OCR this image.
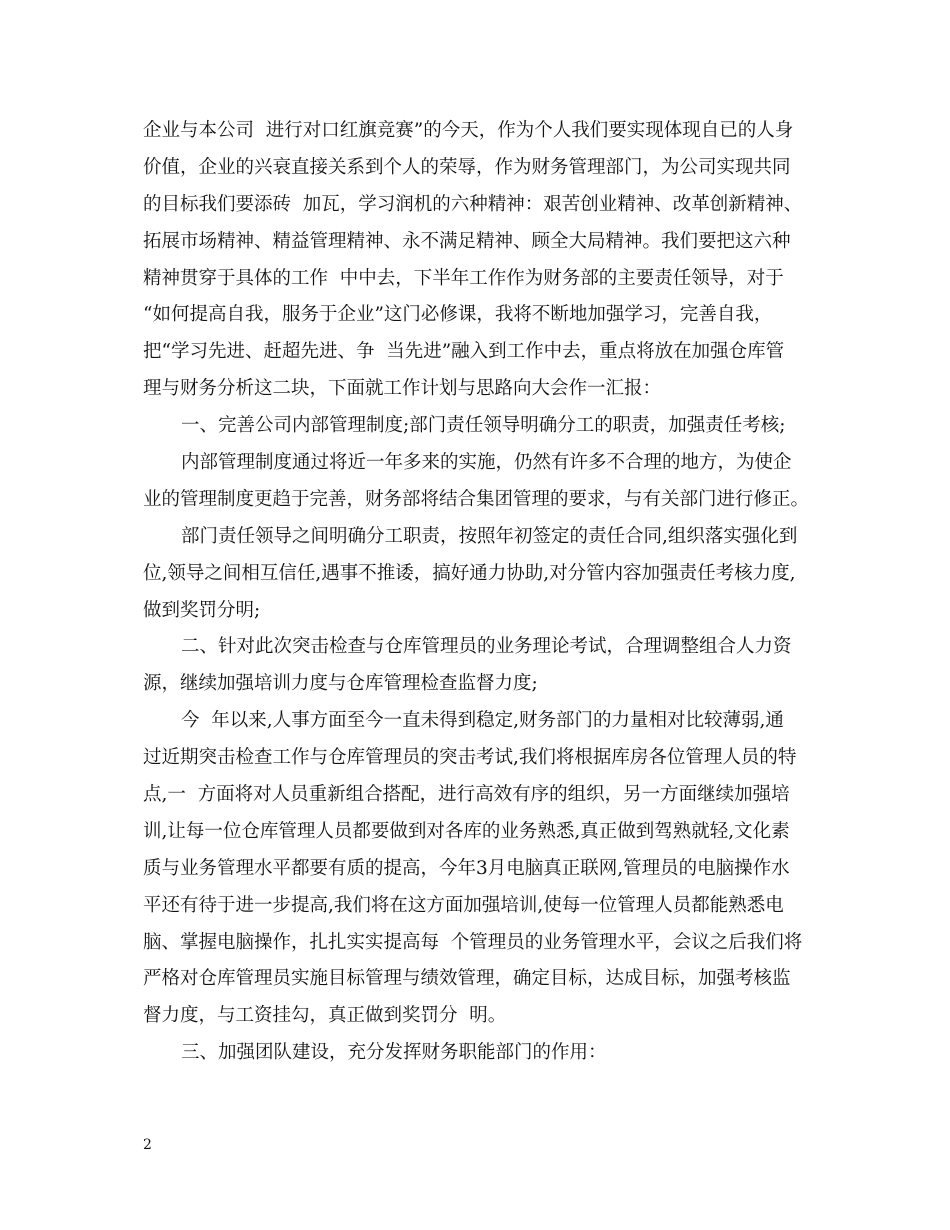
企业与本公司  进行对口红旗竞赛”的今天，作为个人我们要实现体现自已的人身
价值，企业的兴衰直接关系到个人的荣辱，作为财务管理部门，为公司实现共同
的目标我们要添砖  加瓦，学习润机的六种精神：艰苦创业精神、改革创新精神、
拓展市场精神、精益管理精神、永不满足精神、顾全大局精神。我们要把这六种
精神贯穿于具体的工作  中中去，下半年工作作为财务部的主要责任领导，对于
“如何提高自我，服务于企业”这门必修课，我将不断地加强学习，完善自我，
把“学习先进、赶超先进、争  当先进”融入到工作中去，重点将放在加强仓库管
理与财务分析这二块，下面就工作计划与思路向大会作一汇报：
一、完善公司内部管理制度;部门责任领导明确分工的职责，加强责任考核;
内部管理制度通过将近一年多来的实施，仍然有许多不合理的地方，为使企
业的管理制度更趋于完善，财务部将结合集团管理的要求，与有关部门进行修正。
部门责任领导之间明确分工职责，按照年初签定的责任合同,组织落实强化到
位,领导之间相互信任,遇事不推诿，搞好通力协助,对分管内容加强责任考核力度,
做到奖罚分明;
二、针对此次突击检查与仓库管理员的业务理论考试，合理调整组合人力资
源，继续加强培训力度与仓库管理检查监督力度;
今  年以来,人事方面至今一直未得到稳定,财务部门的力量相对比较薄弱,通
过近期突击检查工作与仓库管理员的突击考试,我们将根据库房各位管理人员的特
点,一  方面将对人员重新组合搭配，进行高效有序的组织，另一方面继续加强培
训,让每一位仓库管理人员都要做到对各库的业务熟悉,真正做到驾熟就轻,文化素
质与业务管理水平都要有质的提高，今年3月电脑真正联网,管理员的电脑操作水
平还有待于进一步提高,我们将在这方面加强培训,使每一位管理人员都能熟悉电
脑、掌握电脑操作，扎扎实实提高每  个管理员的业务管理水平，会议之后我们将
严格对仓库管理员实施目标管理与绩效管理，确定目标，达成目标，加强考核监
督力度，与工资挂勾，真正做到奖罚分  明。
三、加强团队建设，充分发挥财务职能部门的作用：
2
